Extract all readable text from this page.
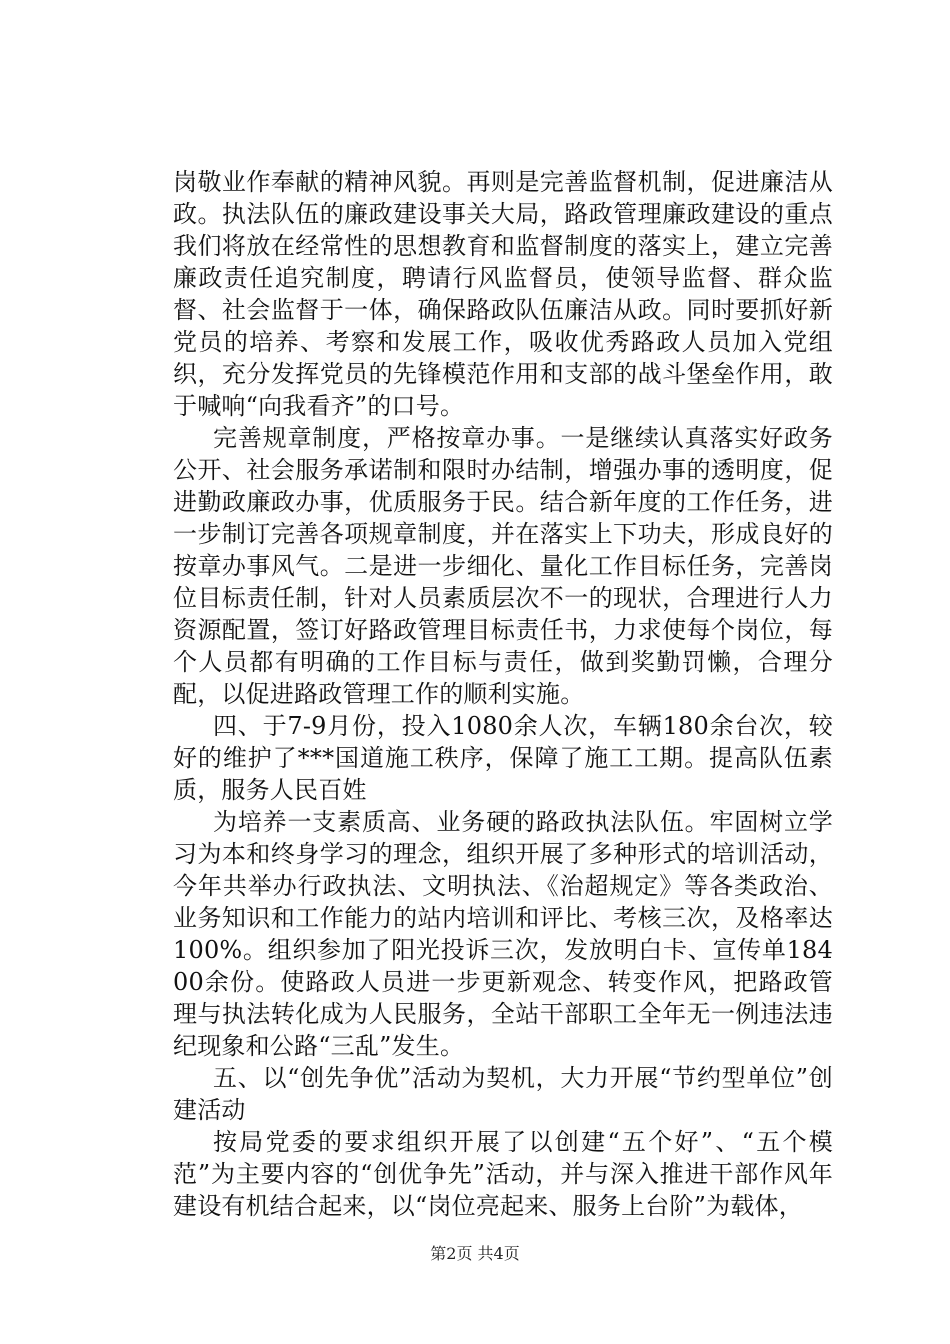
岗敬业作奉献的精神风貌。再则是完善监督机制，促进廉洁从政。执法队伍的廉政建设事关大局，路政管理廉政建设的重点我们将放在经常性的思想教育和监督制度的落实上，建立完善廉政责任追究制度，聘请行风监督员，使领导监督、群众监督、社会监督于一体，确保路政队伍廉洁从政。同时要抓好新党员的培养、考察和发展工作，吸收优秀路政人员加入党组织，充分发挥党员的先锋模范作用和支部的战斗堡垒作用，敢于喊响“向我看齐”的口号。

完善规章制度，严格按章办事。一是继续认真落实好政务公开、社会服务承诺制和限时办结制，增强办事的透明度，促进勤政廉政办事，优质服务于民。结合新年度的工作任务，进一步制订完善各项规章制度，并在落实上下功夫，形成良好的按章办事风气。二是进一步细化、量化工作目标任务，完善岗位目标责任制，针对人员素质层次不一的现状，合理进行人力资源配置，签订好路政管理目标责任书，力求使每个岗位，每个人员都有明确的工作目标与责任，做到奖勤罚懒，合理分配，以促进路政管理工作的顺利实施。

四、于7-9月份，投入1080余人次，车辆180余台次，较好的维护了***国道施工秩序，保障了施工工期。提高队伍素质，服务人民百姓

为培养一支素质高、业务硬的路政执法队伍。牢固树立学习为本和终身学习的理念，组织开展了多种形式的培训活动，今年共举办行政执法、文明执法、《治超规定》等各类政治、业务知识和工作能力的站内培训和评比、考核三次，及格率达100%。组织参加了阳光投诉三次，发放明白卡、宣传单18400余份。使路政人员进一步更新观念、转变作风，把路政管理与执法转化成为人民服务，全站干部职工全年无一例违法违纪现象和公路“三乱”发生。

五、以“创先争优”活动为契机，大力开展“节约型单位”创建活动

按局党委的要求组织开展了以创建“五个好”、“五个模范”为主要内容的“创优争先”活动，并与深入推进干部作风年建设有机结合起来，以“岗位亮起来、服务上台阶”为载体，

第2页 共4页
